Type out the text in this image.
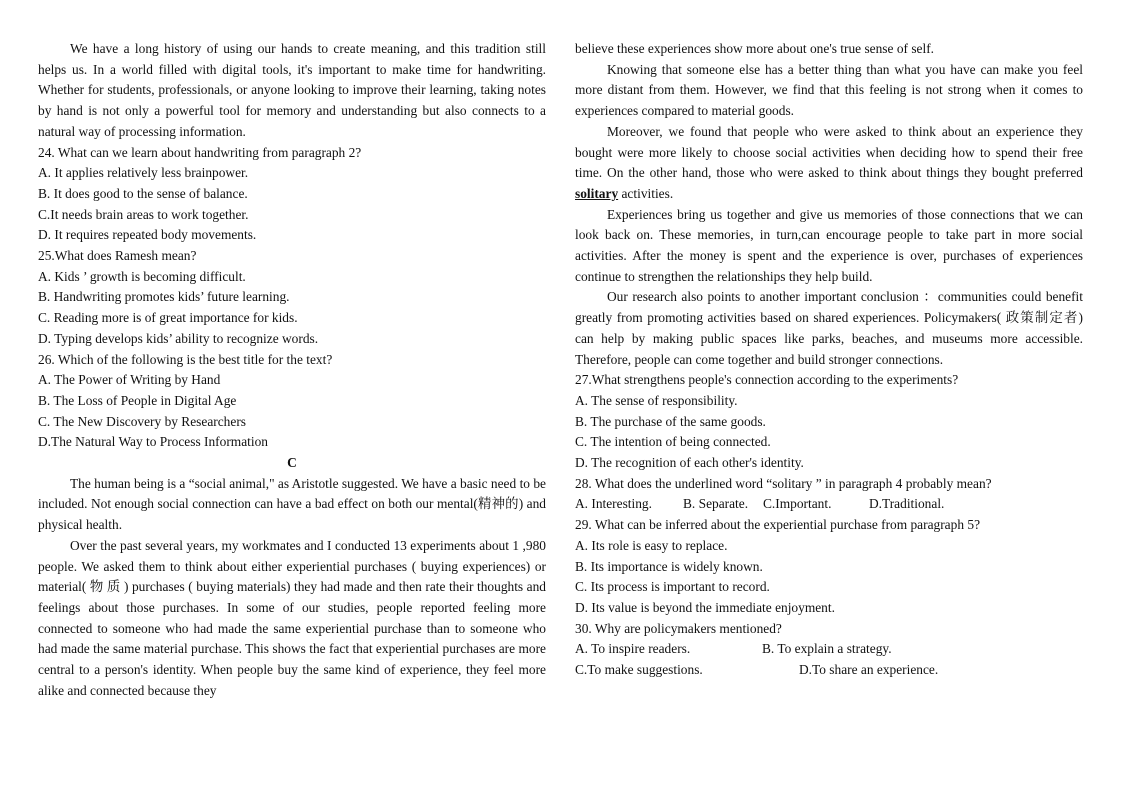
We have a long history of using our hands to create meaning, and this tradition still helps us. In a world filled with digital tools, it's important to make time for handwriting. Whether for students, professionals, or anyone looking to improve their learning, taking notes by hand is not only a powerful tool for memory and understanding but also connects to a natural way of processing information.

24. What can we learn about handwriting from paragraph 2?

A. It applies relatively less brainpower.

B. It does good to the sense of balance.

C.It needs brain areas to work together.

D. It requires repeated body movements.

25.What does Ramesh mean?

A. Kids ’ growth is becoming difficult.

B. Handwriting promotes kids’ future learning.

C. Reading more is of great importance for kids.

D. Typing develops kids’ ability to recognize words.

26. Which of the following is the best title for the text?

A. The Power of Writing by Hand

B. The Loss of People in Digital Age

C. The New Discovery by Researchers

D.The Natural Way to Process Information

C

The human being is a “social animal," as Aristotle suggested. We have a basic need to be included. Not enough social connection can have a bad effect on both our mental(精神的) and physical health.

Over the past several years, my workmates and I conducted 13 experiments about 1 ,980 people. We asked them to think about either experiential purchases ( buying experiences) or material( 物 质 ) purchases ( buying materials) they had made and then rate their thoughts and feelings about those purchases. In some of our studies, people reported feeling more connected to someone who had made the same experiential purchase than to someone who had made the same material purchase. This shows the fact that experiential purchases are more central to a person's identity. When people buy the same kind of experience, they feel more alike and connected because they

believe these experiences show more about one's true sense of self.

Knowing that someone else has a better thing than what you have can make you feel more distant from them. However, we find that this feeling is not strong when it comes to experiences compared to material goods.

Moreover, we found that people who were asked to think about an experience they bought were more likely to choose social activities when deciding how to spend their free time. On the other hand, those who were asked to think about things they bought preferred solitary activities.

Experiences bring us together and give us memories of those connections that we can look back on. These memories, in turn,can encourage people to take part in more social activities. After the money is spent and the experience is over, purchases of experiences continue to strengthen the relationships they help build.

Our research also points to another important conclusion ：communities could benefit greatly from promoting activities based on shared experiences. Policymakers( 政策制定者) can help by making public spaces like parks, beaches, and museums more accessible. Therefore, people can come together and build stronger connections.

27.What strengthens people's connection according to the experiments?

A. The sense of responsibility.

B. The purchase of the same goods.

C. The intention of being connected.

D. The recognition of each other's identity.

28. What does the underlined word “solitary ” in paragraph 4 probably mean?

A. Interesting.	B. Separate.	C.Important.	D.Traditional.

29. What can be inferred about the experiential purchase from paragraph 5?

A. Its role is easy to replace.

B. Its importance is widely known.

C. Its process is important to record.

D. Its value is beyond the immediate enjoyment.

30. Why are policymakers mentioned?

A. To inspire readers.	B. To explain a strategy.

C.To make suggestions.	D.To share an experience.
